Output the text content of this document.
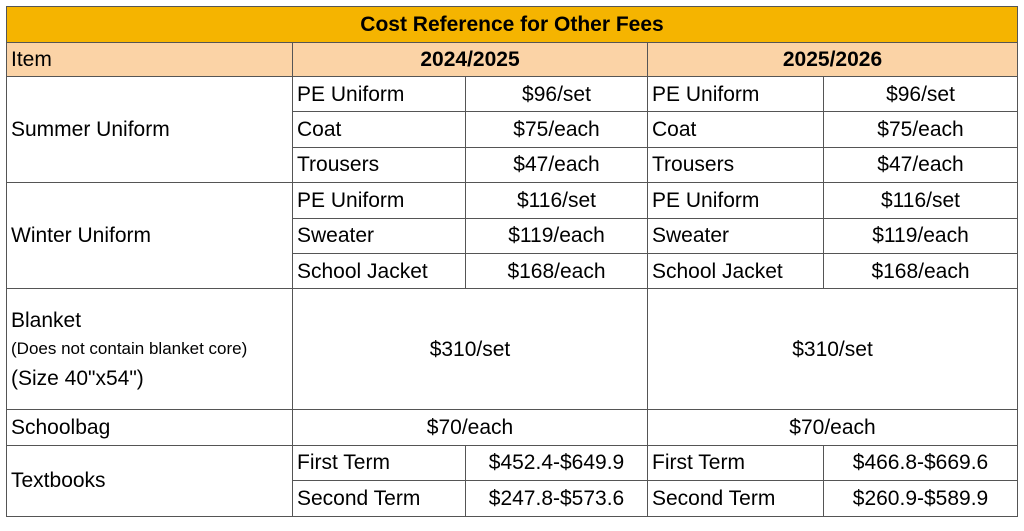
Cost Reference for Other Fees				
Item	2024/2025		2025/2026	
Summer Uniform	PE Uniform	$96/set	PE Uniform	$96/set
	Coat	$75/each	Coat	$75/each
	Trousers	$47/each	Trousers	$47/each
Winter Uniform	PE Uniform	$116/set	PE Uniform	$116/set
	Sweater	$119/each	Sweater	$119/each
	School Jacket	$168/each	School Jacket	$168/each

Blanket
(Does not contain blanket core)
(Size 40"x54")	$310/set		$310/set	
Schoolbag	$70/each		$70/each	
Textbooks	First Term	$452.4-$649.9	First Term	$466.8-$669.6
	Second Term	$247.8-$573.6	Second Term	$260.9-$589.9
